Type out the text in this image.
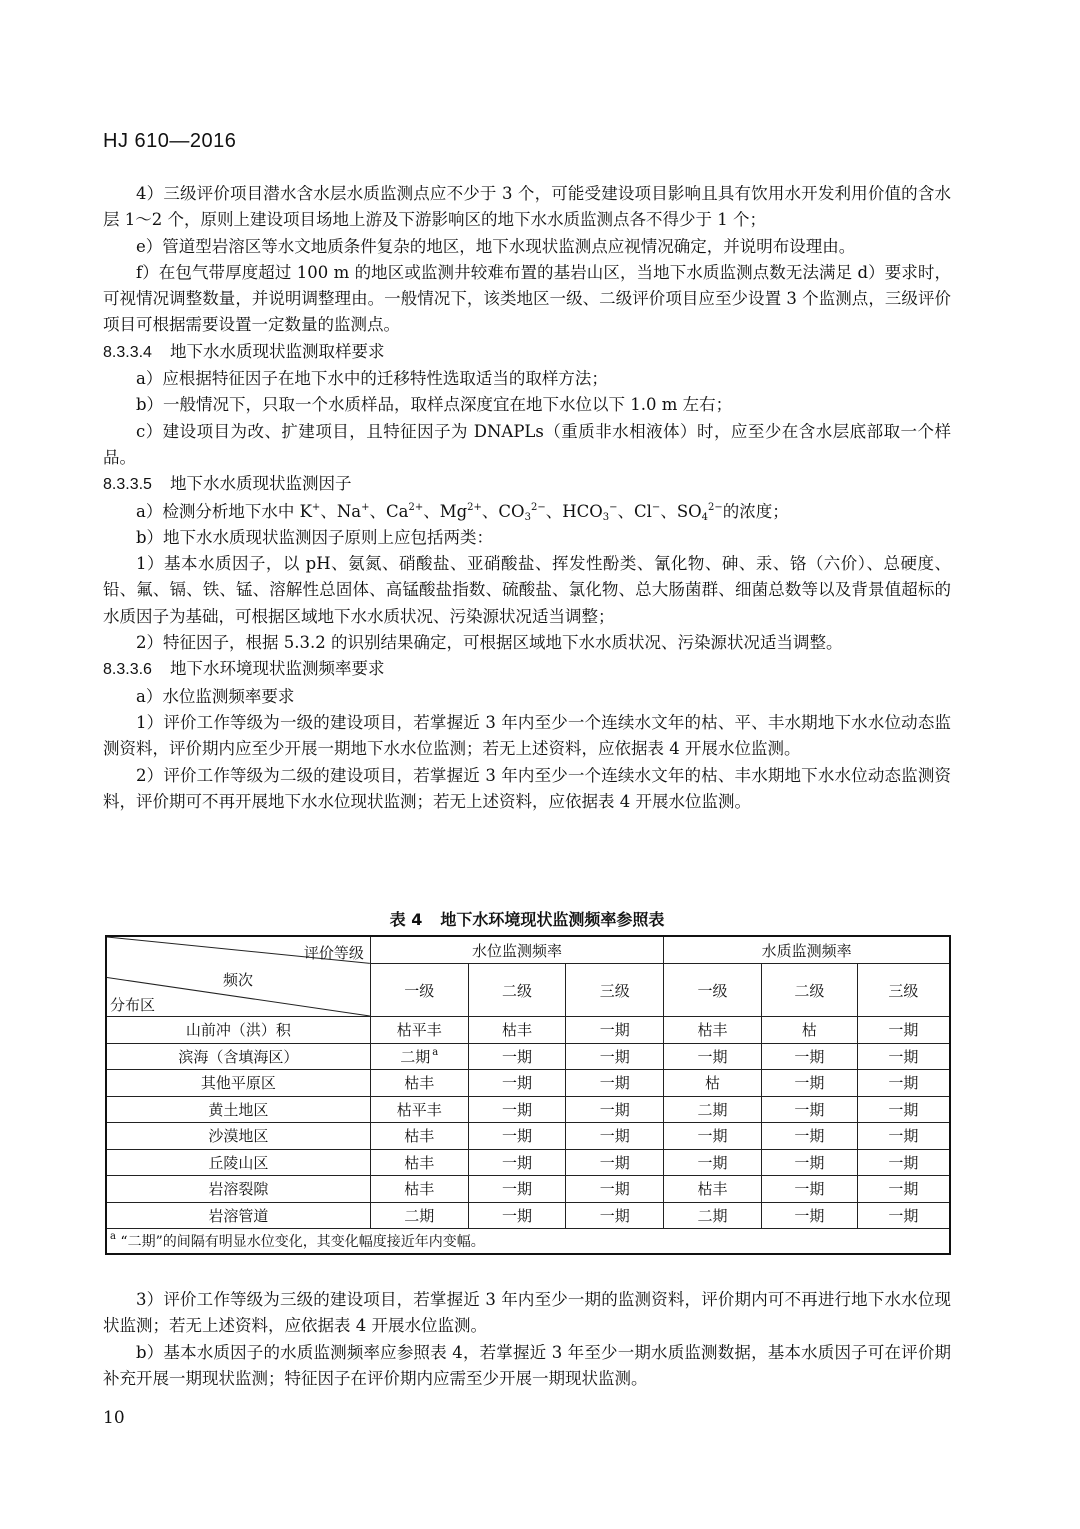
HJ 610—2016

4）三级评价项目潜水含水层水质监测点应不少于 3 个，可能受建设项目影响且具有饮用水开发利用价值的含水层 1～2 个，原则上建设项目场地上游及下游影响区的地下水水质监测点各不得少于 1 个；

e）管道型岩溶区等水文地质条件复杂的地区，地下水现状监测点应视情况确定，并说明布设理由。

f）在包气带厚度超过 100 m 的地区或监测井较难布置的基岩山区，当地下水质监测点数无法满足 d）要求时，可视情况调整数量，并说明调整理由。一般情况下，该类地区一级、二级评价项目应至少设置 3 个监测点，三级评价项目可根据需要设置一定数量的监测点。

8.3.3.4 地下水水质现状监测取样要求

a）应根据特征因子在地下水中的迁移特性选取适当的取样方法；

b）一般情况下，只取一个水质样品，取样点深度宜在地下水位以下 1.0 m 左右；

c）建设项目为改、扩建项目，且特征因子为 DNAPLs（重质非水相液体）时，应至少在含水层底部取一个样品。

8.3.3.5 地下水水质现状监测因子

a）检测分析地下水中 K+、Na+、$Ca^{2+}$、$Mg^{2+}$、$CO_3^{2-}$、$HCO_3^-$、Cl−、$SO_4^{2-}$的浓度；

b）地下水水质现状监测因子原则上应包括两类：

1）基本水质因子，以 pH、氨氮、硝酸盐、亚硝酸盐、挥发性酚类、氰化物、砷、汞、铬（六价）、总硬度、铅、氟、镉、铁、锰、溶解性总固体、高锰酸盐指数、硫酸盐、氯化物、总大肠菌群、细菌总数等以及背景值超标的水质因子为基础，可根据区域地下水水质状况、污染源状况适当调整；

2）特征因子，根据 5.3.2 的识别结果确定，可根据区域地下水水质状况、污染源状况适当调整。

8.3.3.6 地下水环境现状监测频率要求

a）水位监测频率要求

1）评价工作等级为一级的建设项目，若掌握近 3 年内至少一个连续水文年的枯、平、丰水期地下水水位动态监测资料，评价期内应至少开展一期地下水水位监测；若无上述资料，应依据表 4 开展水位监测。

2）评价工作等级为二级的建设项目，若掌握近 3 年内至少一个连续水文年的枯、丰水期地下水水位动态监测资料，评价期可不再开展地下水水位现状监测；若无上述资料，应依据表 4 开展水位监测。

表 4 地下水环境现状监测频率参照表
评价等级
频次
分布区	水位监测频率			水质监测频率		
	一级	二级	三级	一级	二级	三级
山前冲（洪）积	枯平丰	枯丰	一期	枯丰	枯	一期
滨海（含填海区）	二期 $^a$	一期	一期	一期	一期	一期
其他平原区	枯丰	一期	一期	枯	一期	一期
黄土地区	枯平丰	一期	一期	二期	一期	一期
沙漠地区	枯丰	一期	一期	一期	一期	一期
丘陵山区	枯丰	一期	一期	一期	一期	一期
岩溶裂隙	枯丰	一期	一期	枯丰	一期	一期
岩溶管道	二期	一期	一期	二期	一期	一期
$^a$ “二期”的间隔有明显水位变化，其变化幅度接近年内变幅。						

3）评价工作等级为三级的建设项目，若掌握近 3 年内至少一期的监测资料，评价期内可不再进行地下水水位现状监测；若无上述资料，应依据表 4 开展水位监测。

b）基本水质因子的水质监测频率应参照表 4，若掌握近 3 年至少一期水质监测数据，基本水质因子可在评价期补充开展一期现状监测；特征因子在评价期内应需至少开展一期现状监测。

10
